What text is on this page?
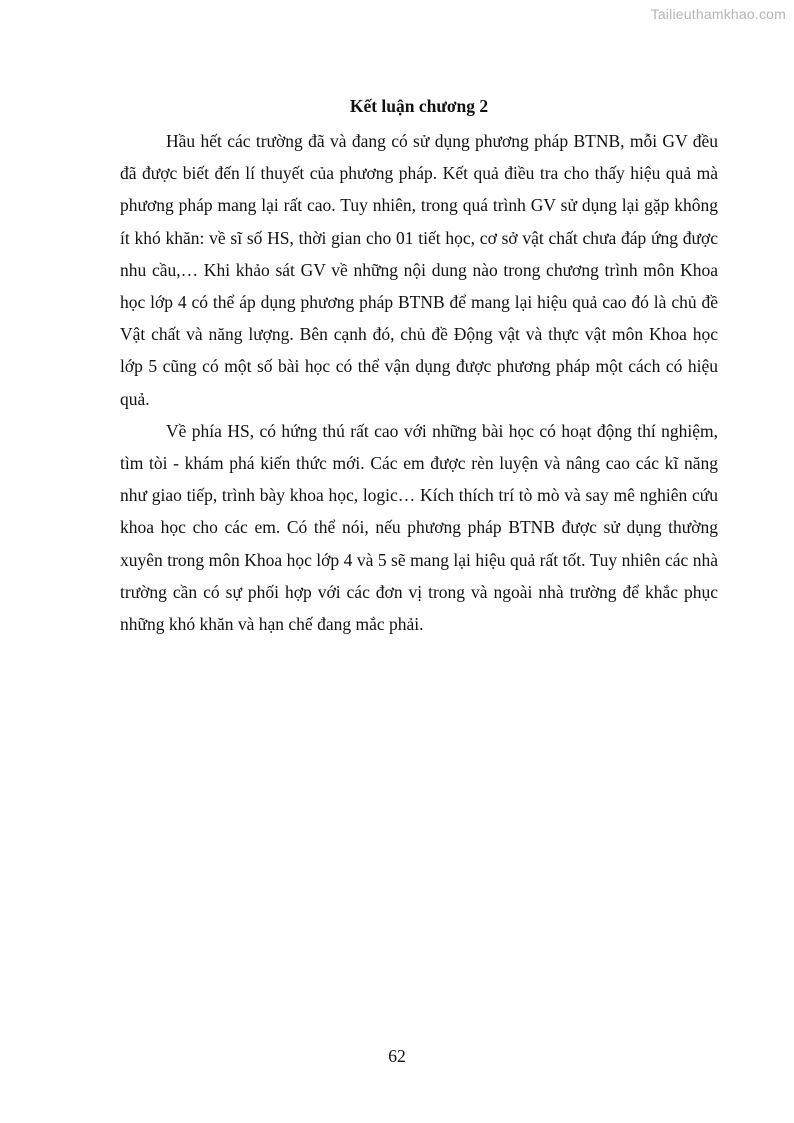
Tailieuthamkhao.com
Kết luận chương 2

Hầu hết các trường đã và đang có sử dụng phương pháp BTNB, mỗi GV đều đã được biết đến lí thuyết của phương pháp. Kết quả điều tra cho thấy hiệu quả mà phương pháp mang lại rất cao. Tuy nhiên, trong quá trình GV sử dụng lại gặp không ít khó khăn: về sĩ số HS, thời gian cho 01 tiết học, cơ sở vật chất chưa đáp ứng được nhu cầu,… Khi khảo sát GV về những nội dung nào trong chương trình môn Khoa học lớp 4 có thể áp dụng phương pháp BTNB để mang lại hiệu quả cao đó là chủ đề Vật chất và năng lượng. Bên cạnh đó, chủ đề Động vật và thực vật môn Khoa học lớp 5 cũng có một số bài học có thể vận dụng được phương pháp một cách có hiệu quả.

Về phía HS, có hứng thú rất cao với những bài học có hoạt động thí nghiệm, tìm tòi - khám phá kiến thức mới. Các em được rèn luyện và nâng cao các kĩ năng như giao tiếp, trình bày khoa học, logic… Kích thích trí tò mò và say mê nghiên cứu khoa học cho các em. Có thể nói, nếu phương pháp BTNB được sử dụng thường xuyên trong môn Khoa học lớp 4 và 5 sẽ mang lại hiệu quả rất tốt. Tuy nhiên các nhà trường cần có sự phối hợp với các đơn vị trong và ngoài nhà trường để khắc phục những khó khăn và hạn chế đang mắc phải.

62
